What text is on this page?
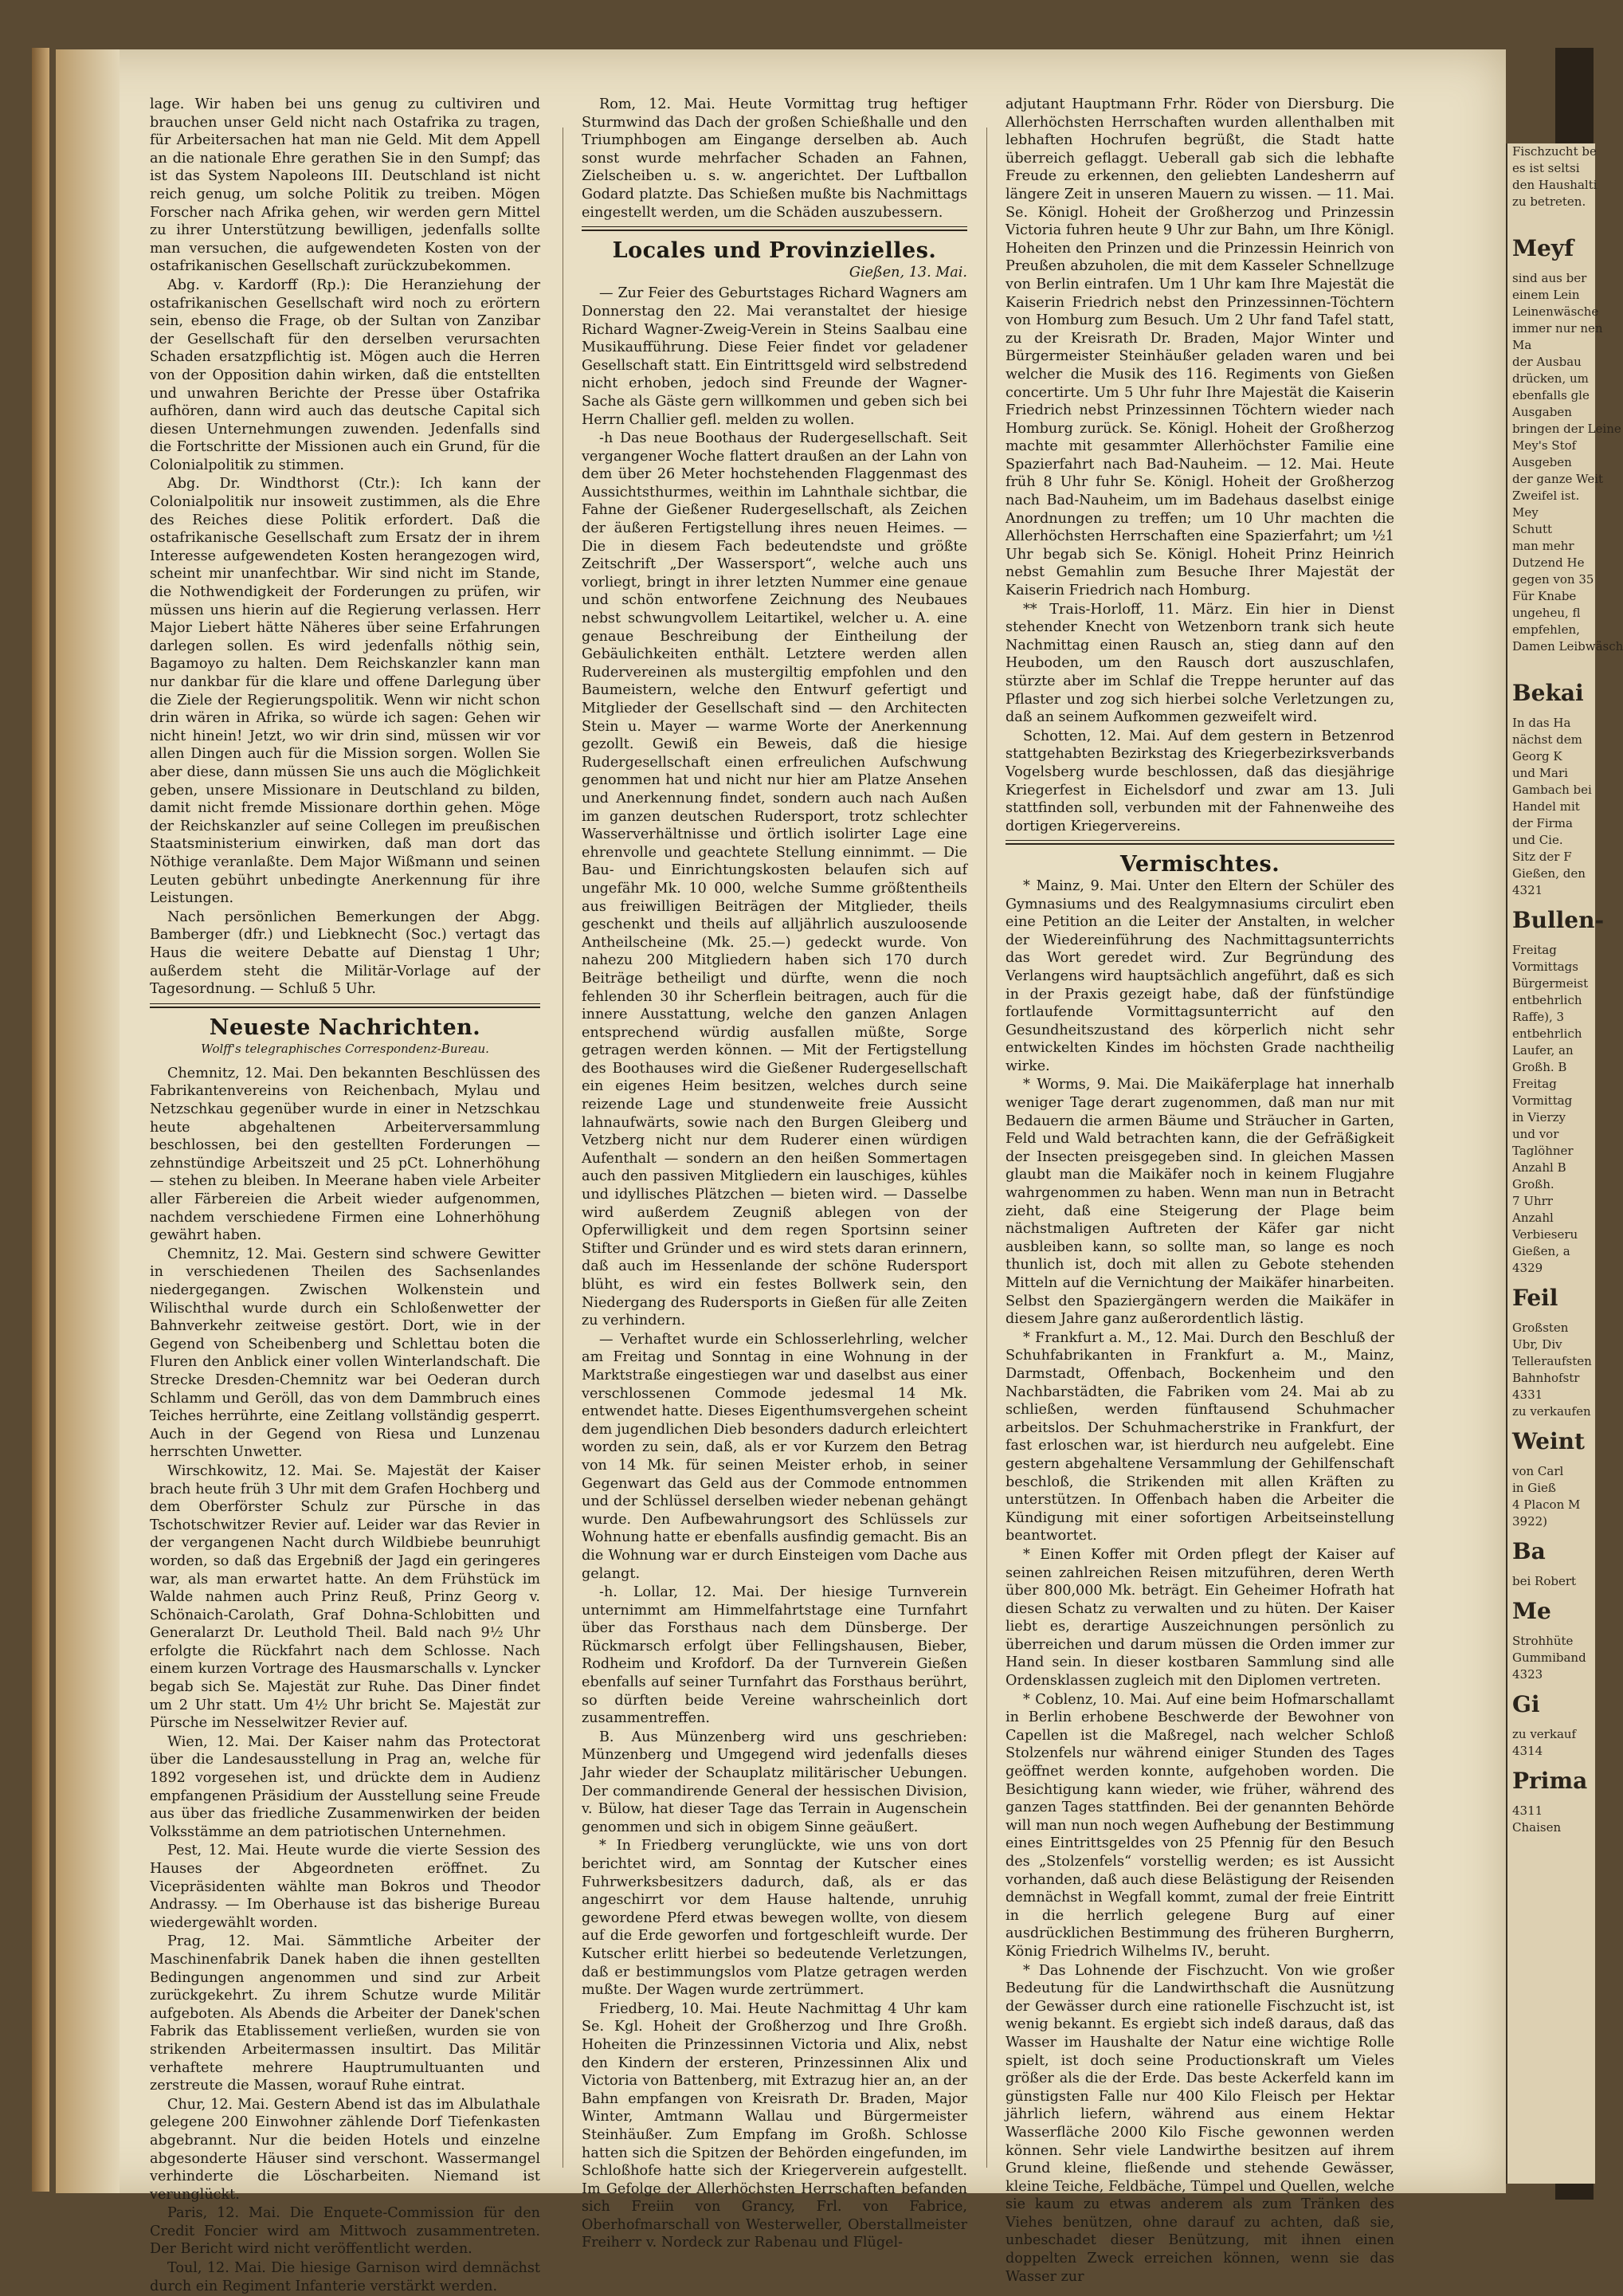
lage. Wir haben bei uns genug zu cultiviren und brauchen unser Geld nicht nach Ostafrika zu tragen, für Arbeitersachen hat man nie Geld. Mit dem Appell an die nationale Ehre gerathen Sie in den Sumpf; das ist das System Napoleons III. Deutschland ist nicht reich genug, um solche Politik zu treiben. Mögen Forscher nach Afrika gehen, wir werden gern Mittel zu ihrer Unterstützung bewilligen, jedenfalls sollte man versuchen, die aufgewendeten Kosten von der ostafrikanischen Gesellschaft zurückzubekommen.

Abg. v. Kardorff (Rp.): Die Heranziehung der ostafrikanischen Gesellschaft wird noch zu erörtern sein, ebenso die Frage, ob der Sultan von Zanzibar der Gesellschaft für den derselben verursachten Schaden ersatzpflichtig ist. Mögen auch die Herren von der Opposition dahin wirken, daß die entstellten und unwahren Berichte der Presse über Ostafrika aufhören, dann wird auch das deutsche Capital sich diesen Unternehmungen zuwenden. Jedenfalls sind die Fortschritte der Missionen auch ein Grund, für die Colonialpolitik zu stimmen.

Abg. Dr. Windthorst (Ctr.): Ich kann der Colonialpolitik nur insoweit zustimmen, als die Ehre des Reiches diese Politik erfordert. Daß die ostafrikanische Gesellschaft zum Ersatz der in ihrem Interesse aufgewendeten Kosten herangezogen wird, scheint mir unanfechtbar. Wir sind nicht im Stande, die Nothwendigkeit der Forderungen zu prüfen, wir müssen uns hierin auf die Regierung verlassen. Herr Major Liebert hätte Näheres über seine Erfahrungen darlegen sollen. Es wird jedenfalls nöthig sein, Bagamoyo zu halten. Dem Reichskanzler kann man nur dankbar für die klare und offene Darlegung über die Ziele der Regierungspolitik. Wenn wir nicht schon drin wären in Afrika, so würde ich sagen: Gehen wir nicht hinein! Jetzt, wo wir drin sind, müssen wir vor allen Dingen auch für die Mission sorgen. Wollen Sie aber diese, dann müssen Sie uns auch die Möglichkeit geben, unsere Missionare in Deutschland zu bilden, damit nicht fremde Missionare dorthin gehen. Möge der Reichskanzler auf seine Collegen im preußischen Staatsministerium einwirken, daß man dort das Nöthige veranlaßte. Dem Major Wißmann und seinen Leuten gebührt unbedingte Anerkennung für ihre Leistungen.

Nach persönlichen Bemerkungen der Abgg. Bamberger (dfr.) und Liebknecht (Soc.) vertagt das Haus die weitere Debatte auf Dienstag 1 Uhr; außerdem steht die Militär-Vorlage auf der Tagesordnung. — Schluß 5 Uhr.

Neueste Nachrichten.
Wolff's telegraphisches Correspondenz-Bureau.

Chemnitz, 12. Mai. Den bekannten Beschlüssen des Fabrikantenvereins von Reichenbach, Mylau und Netzschkau gegenüber wurde in einer in Netzschkau heute abgehaltenen Arbeiterversammlung beschlossen, bei den gestellten Forderungen — zehnstündige Arbeitszeit und 25 pCt. Lohnerhöhung — stehen zu bleiben. In Meerane haben viele Arbeiter aller Färbereien die Arbeit wieder aufgenommen, nachdem verschiedene Firmen eine Lohnerhöhung gewährt haben.

Chemnitz, 12. Mai. Gestern sind schwere Gewitter in verschiedenen Theilen des Sachsenlandes niedergegangen. Zwischen Wolkenstein und Wilischthal wurde durch ein Schloßenwetter der Bahnverkehr zeitweise gestört. Dort, wie in der Gegend von Scheibenberg und Schlettau boten die Fluren den Anblick einer vollen Winterlandschaft. Die Strecke Dresden-Chemnitz war bei Oederan durch Schlamm und Geröll, das von dem Dammbruch eines Teiches herrührte, eine Zeitlang vollständig gesperrt. Auch in der Gegend von Riesa und Lunzenau herrschten Unwetter.

Wirschkowitz, 12. Mai. Se. Majestät der Kaiser brach heute früh 3 Uhr mit dem Grafen Hochberg und dem Oberförster Schulz zur Pürsche in das Tschotschwitzer Revier auf. Leider war das Revier in der vergangenen Nacht durch Wildbiebe beunruhigt worden, so daß das Ergebniß der Jagd ein geringeres war, als man erwartet hatte. An dem Frühstück im Walde nahmen auch Prinz Reuß, Prinz Georg v. Schönaich-Carolath, Graf Dohna-Schlobitten und Generalarzt Dr. Leuthold Theil. Bald nach 9½ Uhr erfolgte die Rückfahrt nach dem Schlosse. Nach einem kurzen Vortrage des Hausmarschalls v. Lyncker begab sich Se. Majestät zur Ruhe. Das Diner findet um 2 Uhr statt. Um 4½ Uhr bricht Se. Majestät zur Pürsche im Nesselwitzer Revier auf.

Wien, 12. Mai. Der Kaiser nahm das Protectorat über die Landesausstellung in Prag an, welche für 1892 vorgesehen ist, und drückte dem in Audienz empfangenen Präsidium der Ausstellung seine Freude aus über das friedliche Zusammenwirken der beiden Volksstämme an dem patriotischen Unternehmen.

Pest, 12. Mai. Heute wurde die vierte Session des Hauses der Abgeordneten eröffnet. Zu Vicepräsidenten wählte man Bokros und Theodor Andrassy. — Im Oberhause ist das bisherige Bureau wiedergewählt worden.

Prag, 12. Mai. Sämmtliche Arbeiter der Maschinenfabrik Danek haben die ihnen gestellten Bedingungen angenommen und sind zur Arbeit zurückgekehrt. Zu ihrem Schutze wurde Militär aufgeboten. Als Abends die Arbeiter der Danek'schen Fabrik das Etablissement verließen, wurden sie von strikenden Arbeitermassen insultirt. Das Militär verhaftete mehrere Hauptrumultuanten und zerstreute die Massen, worauf Ruhe eintrat.

Chur, 12. Mai. Gestern Abend ist das im Albulathale gelegene 200 Einwohner zählende Dorf Tiefenkasten abgebrannt. Nur die beiden Hotels und einzelne abgesonderte Häuser sind verschont. Wassermangel verhinderte die Löscharbeiten. Niemand ist verunglückt.

Paris, 12. Mai. Die Enquete-Commission für den Credit Foncier wird am Mittwoch zusammentreten. Der Bericht wird nicht veröffentlicht werden.

Toul, 12. Mai. Die hiesige Garnison wird demnächst durch ein Regiment Infanterie verstärkt werden.

Rom, 12. Mai. Heute Vormittag trug heftiger Sturmwind das Dach der großen Schießhalle und den Triumphbogen am Eingange derselben ab. Auch sonst wurde mehrfacher Schaden an Fahnen, Zielscheiben u. s. w. angerichtet. Der Luftballon Godard platzte. Das Schießen mußte bis Nachmittags eingestellt werden, um die Schäden auszubessern.

Locales und Provinzielles.
Gießen, 13. Mai.

— Zur Feier des Geburtstages Richard Wagners am Donnerstag den 22. Mai veranstaltet der hiesige Richard Wagner-Zweig-Verein in Steins Saalbau eine Musikaufführung. Diese Feier findet vor geladener Gesellschaft statt. Ein Eintrittsgeld wird selbstredend nicht erhoben, jedoch sind Freunde der Wagner-Sache als Gäste gern willkommen und geben sich bei Herrn Challier gefl. melden zu wollen.

-h Das neue Boothaus der Rudergesellschaft. Seit vergangener Woche flattert draußen an der Lahn von dem über 26 Meter hochstehenden Flaggenmast des Aussichtsthurmes, weithin im Lahnthale sichtbar, die Fahne der Gießener Rudergesellschaft, als Zeichen der äußeren Fertigstellung ihres neuen Heimes. — Die in diesem Fach bedeutendste und größte Zeitschrift „Der Wassersport“, welche auch uns vorliegt, bringt in ihrer letzten Nummer eine genaue und schön entworfene Zeichnung des Neubaues nebst schwungvollem Leitartikel, welcher u. A. eine genaue Beschreibung der Eintheilung der Gebäulichkeiten enthält. Letztere werden allen Rudervereinen als mustergiltig empfohlen und den Baumeistern, welche den Entwurf gefertigt und Mitglieder der Gesellschaft sind — den Architecten Stein u. Mayer — warme Worte der Anerkennung gezollt. Gewiß ein Beweis, daß die hiesige Rudergesellschaft einen erfreulichen Aufschwung genommen hat und nicht nur hier am Platze Ansehen und Anerkennung findet, sondern auch nach Außen im ganzen deutschen Rudersport, trotz schlechter Wasserverhältnisse und örtlich isolirter Lage eine ehrenvolle und geachtete Stellung einnimmt. — Die Bau- und Einrichtungskosten belaufen sich auf ungefähr Mk. 10 000, welche Summe größtentheils aus freiwilligen Beiträgen der Mitglieder, theils geschenkt und theils auf alljährlich auszuloosende Antheilscheine (Mk. 25.—) gedeckt wurde. Von nahezu 200 Mitgliedern haben sich 170 durch Beiträge betheiligt und dürfte, wenn die noch fehlenden 30 ihr Scherflein beitragen, auch für die innere Ausstattung, welche den ganzen Anlagen entsprechend würdig ausfallen müßte, Sorge getragen werden können. — Mit der Fertigstellung des Boothauses wird die Gießener Rudergesellschaft ein eigenes Heim besitzen, welches durch seine reizende Lage und stundenweite freie Aussicht lahnaufwärts, sowie nach den Burgen Gleiberg und Vetzberg nicht nur dem Ruderer einen würdigen Aufenthalt — sondern an den heißen Sommertagen auch den passiven Mitgliedern ein lauschiges, kühles und idyllisches Plätzchen — bieten wird. — Dasselbe wird außerdem Zeugniß ablegen von der Opferwilligkeit und dem regen Sportsinn seiner Stifter und Gründer und es wird stets daran erinnern, daß auch im Hessenlande der schöne Rudersport blüht, es wird ein festes Bollwerk sein, den Niedergang des Rudersports in Gießen für alle Zeiten zu verhindern.

— Verhaftet wurde ein Schlosserlehrling, welcher am Freitag und Sonntag in eine Wohnung in der Marktstraße eingestiegen war und daselbst aus einer verschlossenen Commode jedesmal 14 Mk. entwendet hatte. Dieses Eigenthumsvergehen scheint dem jugendlichen Dieb besonders dadurch erleichtert worden zu sein, daß, als er vor Kurzem den Betrag von 14 Mk. für seinen Meister erhob, in seiner Gegenwart das Geld aus der Commode entnommen und der Schlüssel derselben wieder nebenan gehängt wurde. Den Aufbewahrungsort des Schlüssels zur Wohnung hatte er ebenfalls ausfindig gemacht. Bis an die Wohnung war er durch Einsteigen vom Dache aus gelangt.

-h. Lollar, 12. Mai. Der hiesige Turnverein unternimmt am Himmelfahrtstage eine Turnfahrt über das Forsthaus nach dem Dünsberge. Der Rückmarsch erfolgt über Fellingshausen, Bieber, Rodheim und Krofdorf. Da der Turnverein Gießen ebenfalls auf seiner Turnfahrt das Forsthaus berührt, so dürften beide Vereine wahrscheinlich dort zusammentreffen.

B. Aus Münzenberg wird uns geschrieben: Münzenberg und Umgegend wird jedenfalls dieses Jahr wieder der Schauplatz militärischer Uebungen. Der commandirende General der hessischen Division, v. Bülow, hat dieser Tage das Terrain in Augenschein genommen und sich in obigem Sinne geäußert.

* In Friedberg verunglückte, wie uns von dort berichtet wird, am Sonntag der Kutscher eines Fuhrwerksbesitzers dadurch, daß, als er das angeschirrt vor dem Hause haltende, unruhig gewordene Pferd etwas bewegen wollte, von diesem auf die Erde geworfen und fortgeschleift wurde. Der Kutscher erlitt hierbei so bedeutende Verletzungen, daß er bestimmungslos vom Platze getragen werden mußte. Der Wagen wurde zertrümmert.

Friedberg, 10. Mai. Heute Nachmittag 4 Uhr kam Se. Kgl. Hoheit der Großherzog und Ihre Großh. Hoheiten die Prinzessinnen Victoria und Alix, nebst den Kindern der ersteren, Prinzessinnen Alix und Victoria von Battenberg, mit Extrazug hier an, an der Bahn empfangen von Kreisrath Dr. Braden, Major Winter, Amtmann Wallau und Bürgermeister Steinhäußer. Zum Empfang im Großh. Schlosse hatten sich die Spitzen der Behörden eingefunden, im Schloßhofe hatte sich der Kriegerverein aufgestellt. Im Gefolge der Allerhöchsten Herrschaften befanden sich Freiin von Grancy, Frl. von Fabrice, Oberhofmarschall von Westerweller, Oberstallmeister Freiherr v. Nordeck zur Rabenau und Flügel-

adjutant Hauptmann Frhr. Röder von Diersburg. Die Allerhöchsten Herrschaften wurden allenthalben mit lebhaften Hochrufen begrüßt, die Stadt hatte überreich geflaggt. Ueberall gab sich die lebhafte Freude zu erkennen, den geliebten Landesherrn auf längere Zeit in unseren Mauern zu wissen. — 11. Mai. Se. Königl. Hoheit der Großherzog und Prinzessin Victoria fuhren heute 9 Uhr zur Bahn, um Ihre Königl. Hoheiten den Prinzen und die Prinzessin Heinrich von Preußen abzuholen, die mit dem Kasseler Schnellzuge von Berlin eintrafen. Um 1 Uhr kam Ihre Majestät die Kaiserin Friedrich nebst den Prinzessinnen-Töchtern von Homburg zum Besuch. Um 2 Uhr fand Tafel statt, zu der Kreisrath Dr. Braden, Major Winter und Bürgermeister Steinhäußer geladen waren und bei welcher die Musik des 116. Regiments von Gießen concertirte. Um 5 Uhr fuhr Ihre Majestät die Kaiserin Friedrich nebst Prinzessinnen Töchtern wieder nach Homburg zurück. Se. Königl. Hoheit der Großherzog machte mit gesammter Allerhöchster Familie eine Spazierfahrt nach Bad-Nauheim. — 12. Mai. Heute früh 8 Uhr fuhr Se. Königl. Hoheit der Großherzog nach Bad-Nauheim, um im Badehaus daselbst einige Anordnungen zu treffen; um 10 Uhr machten die Allerhöchsten Herrschaften eine Spazierfahrt; um ½1 Uhr begab sich Se. Königl. Hoheit Prinz Heinrich nebst Gemahlin zum Besuche Ihrer Majestät der Kaiserin Friedrich nach Homburg.

** Trais-Horloff, 11. März. Ein hier in Dienst stehender Knecht von Wetzenborn trank sich heute Nachmittag einen Rausch an, stieg dann auf den Heuboden, um den Rausch dort auszuschlafen, stürzte aber im Schlaf die Treppe herunter auf das Pflaster und zog sich hierbei solche Verletzungen zu, daß an seinem Aufkommen gezweifelt wird.

Schotten, 12. Mai. Auf dem gestern in Betzenrod stattgehabten Bezirkstag des Kriegerbezirksverbands Vogelsberg wurde beschlossen, daß das diesjährige Kriegerfest in Eichelsdorf und zwar am 13. Juli stattfinden soll, verbunden mit der Fahnenweihe des dortigen Kriegervereins.

Vermischtes.

* Mainz, 9. Mai. Unter den Eltern der Schüler des Gymnasiums und des Realgymnasiums circulirt eben eine Petition an die Leiter der Anstalten, in welcher der Wiedereinführung des Nachmittagsunterrichts das Wort geredet wird. Zur Begründung des Verlangens wird hauptsächlich angeführt, daß es sich in der Praxis gezeigt habe, daß der fünfstündige fortlaufende Vormittagsunterricht auf den Gesundheitszustand des körperlich nicht sehr entwickelten Kindes im höchsten Grade nachtheilig wirke.

* Worms, 9. Mai. Die Maikäferplage hat innerhalb weniger Tage derart zugenommen, daß man nur mit Bedauern die armen Bäume und Sträucher in Garten, Feld und Wald betrachten kann, die der Gefräßigkeit der Insecten preisgegeben sind. In gleichen Massen glaubt man die Maikäfer noch in keinem Flugjahre wahrgenommen zu haben. Wenn man nun in Betracht zieht, daß eine Steigerung der Plage beim nächstmaligen Auftreten der Käfer gar nicht ausbleiben kann, so sollte man, so lange es noch thunlich ist, doch mit allen zu Gebote stehenden Mitteln auf die Vernichtung der Maikäfer hinarbeiten. Selbst den Spaziergängern werden die Maikäfer in diesem Jahre ganz außerordentlich lästig.

* Frankfurt a. M., 12. Mai. Durch den Beschluß der Schuhfabrikanten in Frankfurt a. M., Mainz, Darmstadt, Offenbach, Bockenheim und den Nachbarstädten, die Fabriken vom 24. Mai ab zu schließen, werden fünftausend Schuhmacher arbeitslos. Der Schuhmacherstrike in Frankfurt, der fast erloschen war, ist hierdurch neu aufgelebt. Eine gestern abgehaltene Versammlung der Gehilfenschaft beschloß, die Strikenden mit allen Kräften zu unterstützen. In Offenbach haben die Arbeiter die Kündigung mit einer sofortigen Arbeitseinstellung beantwortet.

* Einen Koffer mit Orden pflegt der Kaiser auf seinen zahlreichen Reisen mitzuführen, deren Werth über 800,000 Mk. beträgt. Ein Geheimer Hofrath hat diesen Schatz zu verwalten und zu hüten. Der Kaiser liebt es, derartige Auszeichnungen persönlich zu überreichen und darum müssen die Orden immer zur Hand sein. In dieser kostbaren Sammlung sind alle Ordensklassen zugleich mit den Diplomen vertreten.

* Coblenz, 10. Mai. Auf eine beim Hofmarschallamt in Berlin erhobene Beschwerde der Bewohner von Capellen ist die Maßregel, nach welcher Schloß Stolzenfels nur während einiger Stunden des Tages geöffnet werden konnte, aufgehoben worden. Die Besichtigung kann wieder, wie früher, während des ganzen Tages stattfinden. Bei der genannten Behörde will man nun noch wegen Aufhebung der Bestimmung eines Eintrittsgeldes von 25 Pfennig für den Besuch des „Stolzenfels“ vorstellig werden; es ist Aussicht vorhanden, daß auch diese Belästigung der Reisenden demnächst in Wegfall kommt, zumal der freie Eintritt in die herrlich gelegene Burg auf einer ausdrücklichen Bestimmung des früheren Burgherrn, König Friedrich Wilhelms IV., beruht.

* Das Lohnende der Fischzucht. Von wie großer Bedeutung für die Landwirthschaft die Ausnützung der Gewässer durch eine rationelle Fischzucht ist, ist wenig bekannt. Es ergiebt sich indeß daraus, daß das Wasser im Haushalte der Natur eine wichtige Rolle spielt, ist doch seine Productionskraft um Vieles größer als die der Erde. Das beste Ackerfeld kann im günstigsten Falle nur 400 Kilo Fleisch per Hektar jährlich liefern, während aus einem Hektar Wasserfläche 2000 Kilo Fische gewonnen werden können. Sehr viele Landwirthe besitzen auf ihrem Grund kleine, fließende und stehende Gewässer, kleine Teiche, Feldbäche, Tümpel und Quellen, welche sie kaum zu etwas anderem als zum Tränken des Viehes benützen, ohne darauf zu achten, daß sie, unbeschadet dieser Benützung, mit ihnen einen doppelten Zweck erreichen können, wenn sie das Wasser zur

Fischzucht be
es ist seltsi
den Haushalti
zu betreten.

Meyf
sind aus ber
einem Lein
Leinenwäsche
immer nur nen
Ma
der Ausbau
drücken, um
ebenfalls gle
Ausgaben
bringen der Leine
Mey's Stof
Ausgeben
der ganze Weit
Zweifel ist.
Mey
Schutt
man mehr
Dutzend He
gegen von 35
Für Knabe
ungeheu, fl
empfehlen,
Damen Leibwäsch

Bekai
In das Ha
nächst dem
Georg K
und Mari
Gambach bei
Handel mit
der Firma
und Cie.
Sitz der F
Gießen, den
4321
Bullen-
Freitag
Vormittags
Bürgermeist
entbehrlich
Raffe), 3
entbehrlich
Laufer, an
Großh. B
Freitag
Vormittag
in Vierzy
und vor
Taglöhner
Anzahl B
Großh.
7 Uhrr
Anzahl
Verbieseru
Gießen, a
4329
Feil
Großsten
Ubr, Div
Telleraufsten
Bahnhofstr
4331
zu verkaufen
Weint
von Carl
in Gieß
4 Placon M
3922)
Ba
bei Robert
Me
Strohhüte
Gummiband
4323
Gi
zu verkauf
4314
Prima
4311
Chaisen
